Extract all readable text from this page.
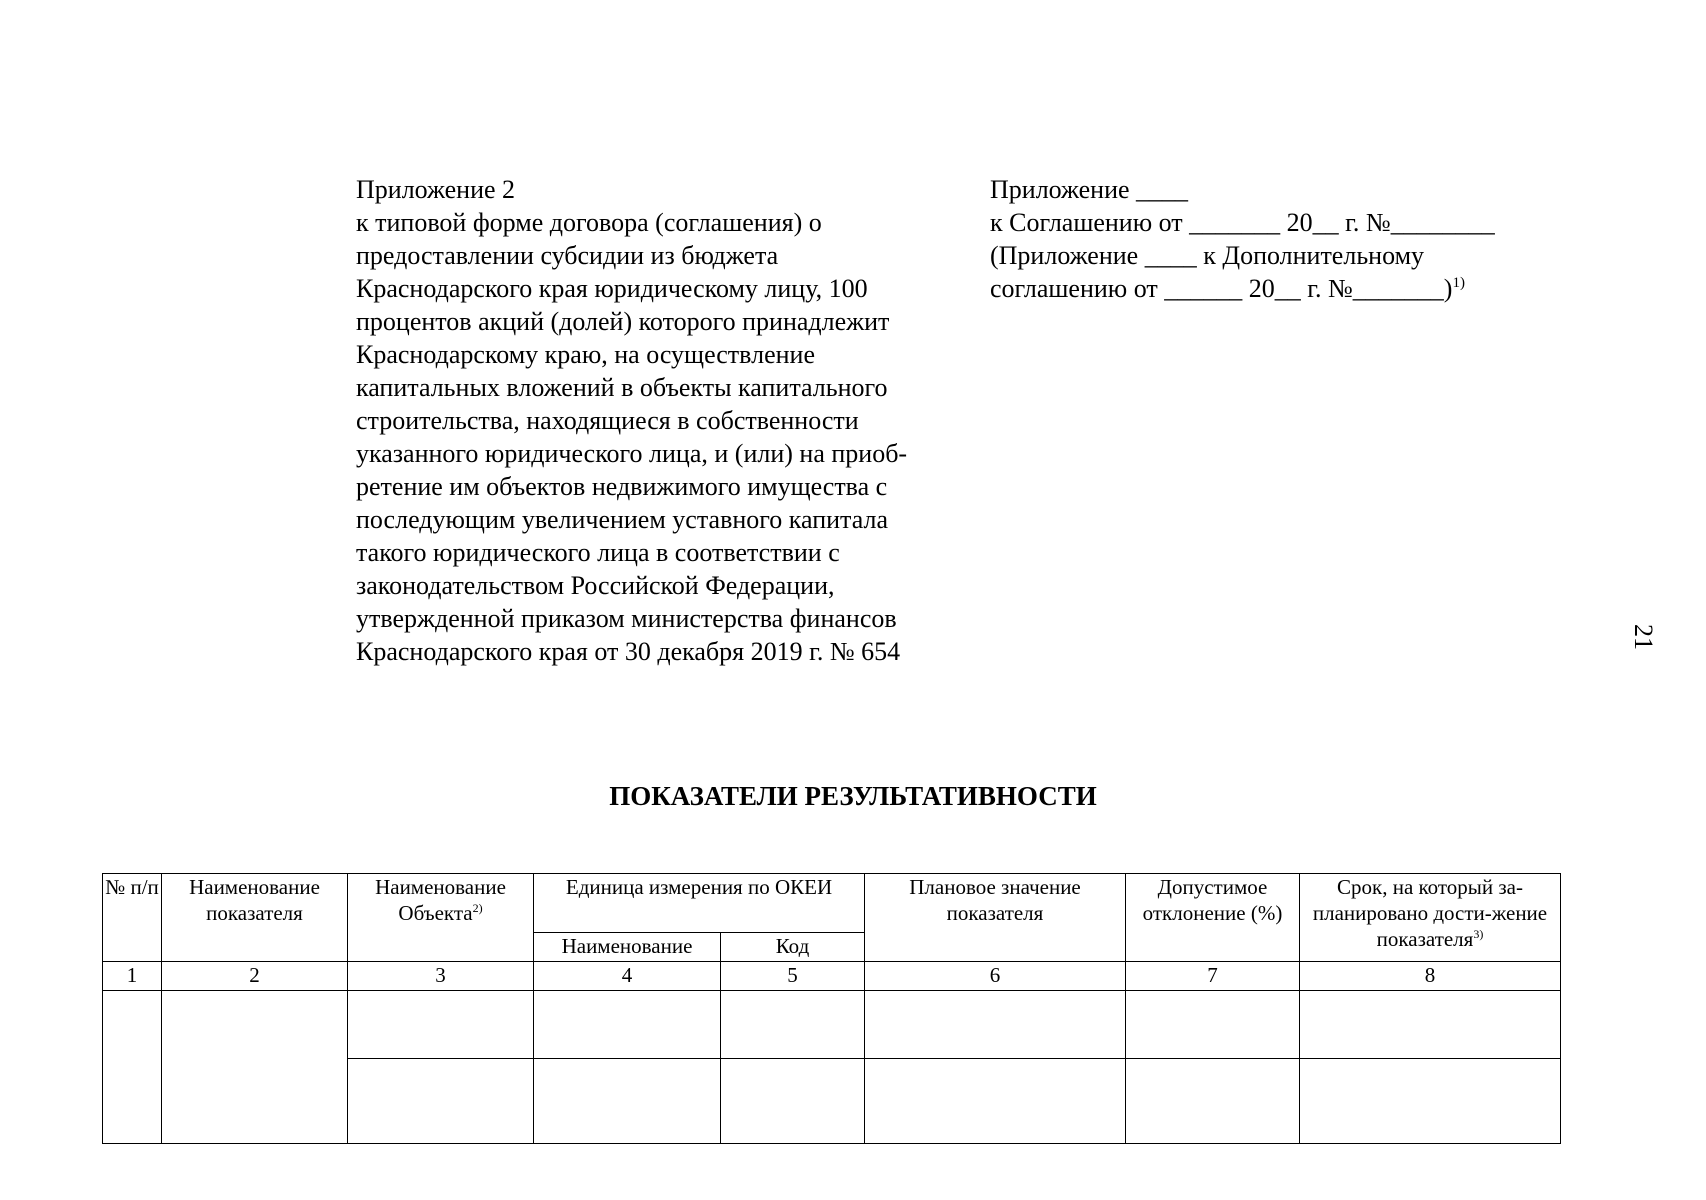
Приложение 2
к типовой форме договора (соглашения) о
предоставлении субсидии из бюджета
Краснодарского края юридическому лицу, 100
процентов акций (долей) которого принадлежит
Краснодарскому краю, на осуществление
капитальных вложений в объекты капитального
строительства, находящиеся в собственности
указанного юридического лица, и (или) на приоб-
ретение им объектов недвижимого имущества с
последующим увеличением уставного капитала
такого юридического лица в соответствии с
законодательством Российской Федерации,
утвержденной приказом министерства финансов
Краснодарского края от 30 декабря 2019 г. № 654
Приложение ____
к Соглашению от _______ 20__ г. №________
(Приложение ____ к Дополнительному
соглашению от ______ 20__ г. №_______)$^{1)}$
21
ПОКАЗАТЕЛИ РЕЗУЛЬТАТИВНОСТИ
№ п/п	Наименование показателя	Наименование Объекта$^{2)}$	Единица измерения по ОКЕИ		Плановое значение показателя	Допустимое отклонение (%)	Срок, на который за-планировано дости-жение показателя$^{3)}$
			Наименование	Код			
1	2	3	4	5	6	7	8
